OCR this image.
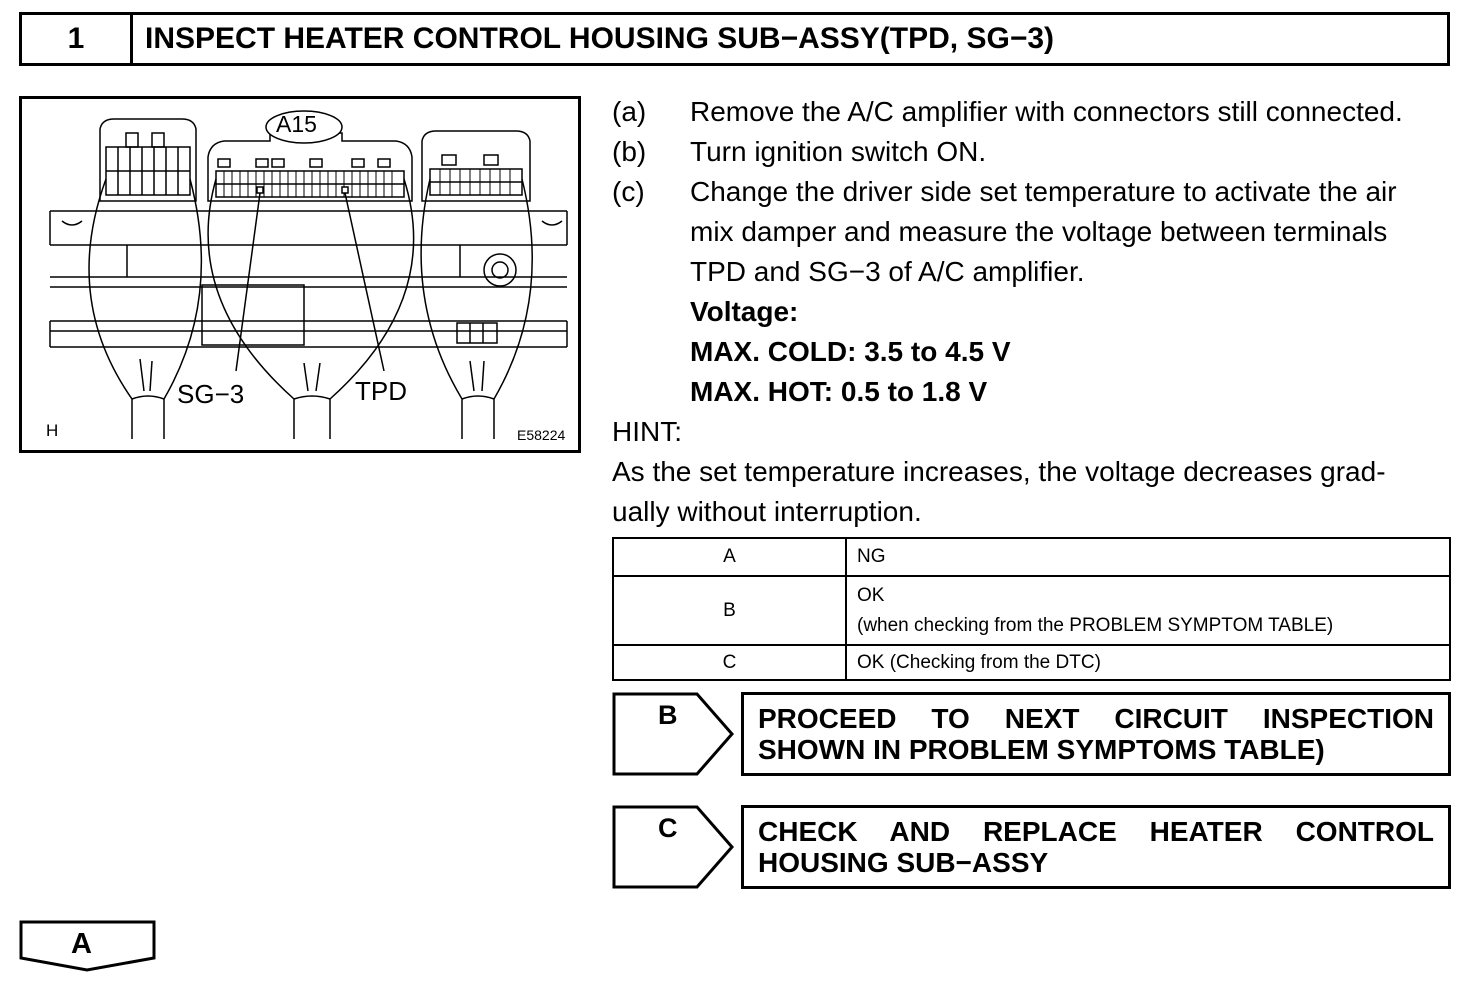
1	INSPECT HEATER CONTROL HOUSING SUB−ASSY(TPD, SG−3)
A15
SG−3	TPD
H	E58224
(a)	Remove the A/C amplifier with connectors still connected.
(b)	Turn ignition switch ON.
(c)	Change the driver side set temperature to activate the air
mix damper and measure the voltage between terminals
TPD and SG−3 of A/C amplifier.
Voltage:
MAX. COLD: 3.5 to 4.5 V
MAX. HOT: 0.5 to 1.8 V
HINT:
As the set temperature increases, the voltage decreases grad-
ually without interruption.
A	NG

B	OK
(when checking from the PROBLEM SYMPTOM TABLE)

C	OK (Checking from the DTC)
B	PROCEED TO NEXT CIRCUIT INSPECTION
SHOWN IN PROBLEM SYMPTOMS TABLE)
C	CHECK AND REPLACE HEATER CONTROL
HOUSING SUB−ASSY
A
